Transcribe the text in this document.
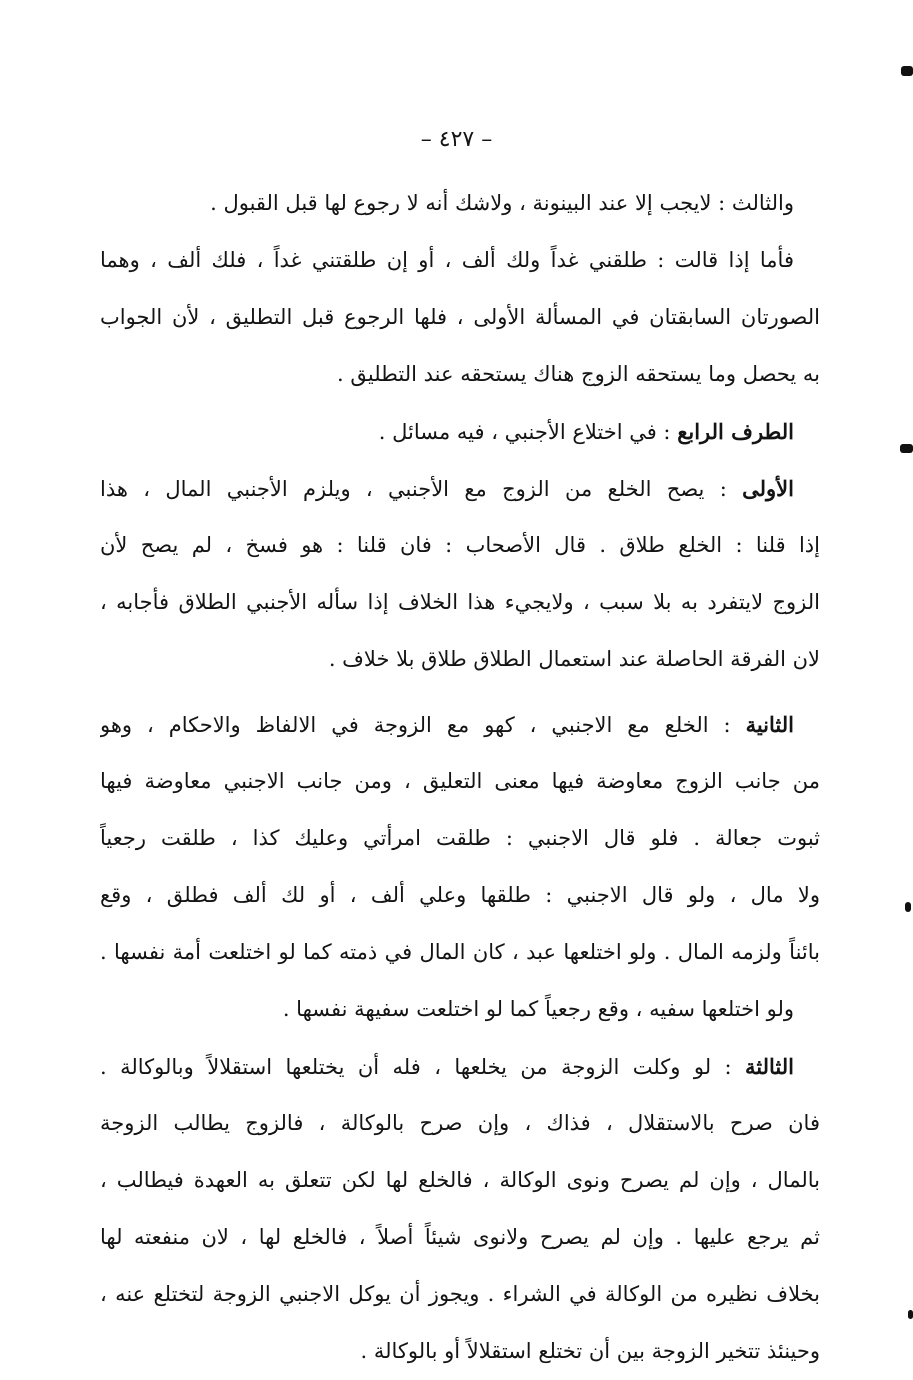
– ٤٢٧ –
والثالث : لايجب إلا عند البينونة ، ولاشك أنه لا رجوع لها قبل القبول .
فأما إذا قالت : طلقني غداً ولك ألف ، أو إن طلقتني غداً ، فلك ألف ، وهما
الصورتان السابقتان في المسألة الأولى ، فلها الرجوع قبل التطليق ، لأن الجواب
به يحصل وما يستحقه الزوج هناك يستحقه عند التطليق .
الطرف الرابع : في اختلاع الأجنبي ، فيه مسائل .
الأولى : يصح الخلع من الزوج مع الأجنبي ، ويلزم الأجنبي المال ، هذا
إذا قلنا : الخلع طلاق . قال الأصحاب : فان قلنا : هو فسخ ، لم يصح لأن
الزوج لايتفرد به بلا سبب ، ولايجيء هذا الخلاف إذا سأله الأجنبي الطلاق فأجابه ،
لان الفرقة الحاصلة عند استعمال الطلاق طلاق بلا خلاف .
الثانية : الخلع مع الاجنبي ، كهو مع الزوجة في الالفاظ والاحكام ، وهو
من جانب الزوج معاوضة فيها معنى التعليق ، ومن جانب الاجنبي معاوضة فيها
ثبوت جعالة . فلو قال الاجنبي : طلقت امرأتي وعليك كذا ، طلقت رجعياً
ولا مال ، ولو قال الاجنبي : طلقها وعلي ألف ، أو لك ألف فطلق ، وقع
بائناً ولزمه المال . ولو اختلعها عبد ، كان المال في ذمته كما لو اختلعت أمة نفسها .
ولو اختلعها سفيه ، وقع رجعياً كما لو اختلعت سفيهة نفسها .
الثالثة : لو وكلت الزوجة من يخلعها ، فله أن يختلعها استقلالاً وبالوكالة .
فان صرح بالاستقلال ، فذاك ، وإن صرح بالوكالة ، فالزوج يطالب الزوجة
بالمال ، وإن لم يصرح ونوى الوكالة ، فالخلع لها لكن تتعلق به العهدة فيطالب ،
ثم يرجع عليها . وإن لم يصرح ولانوى شيئاً أصلاً ، فالخلع لها ، لان منفعته لها
بخلاف نظيره من الوكالة في الشراء . ويجوز أن يوكل الاجنبي الزوجة لتختلع عنه ،
وحينئذ تتخير الزوجة بين أن تختلع استقلالاً أو بالوكالة .
